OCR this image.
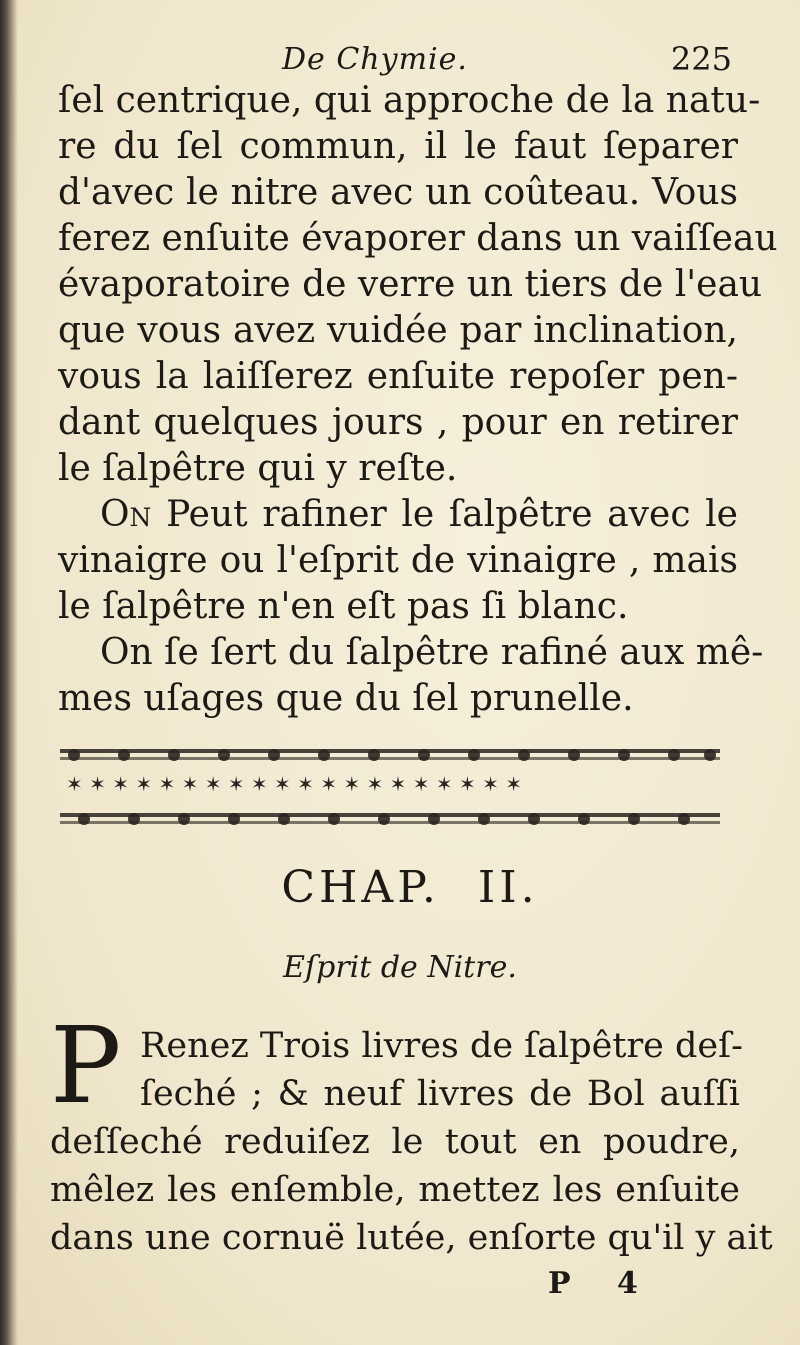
De Chymie.	225
ſel centrique, qui approche de la natu-
re du ſel commun, il le faut ſeparer
d'avec le nitre avec un coûteau. Vous
ferez enſuite évaporer dans un vaiſſeau
évaporatoire de verre un tiers de l'eau
que vous avez vuidée par inclination,
vous la laiſſerez enſuite repoſer pen-
dant quelques jours , pour en retirer
le ſalpêtre qui y reſte.
On Peut rafiner le ſalpêtre avec le
vinaigre ou l'eſprit de vinaigre , mais
le ſalpêtre n'en eſt pas ſi blanc.
On ſe ſert du ſalpêtre rafiné aux mê-
mes uſages que du ſel prunelle.
✶ ✶ ✶ ✶ ✶ ✶ ✶ ✶ ✶ ✶ ✶ ✶ ✶ ✶ ✶ ✶ ✶ ✶ ✶ ✶
CHAP. II.
Eſprit de Nitre.
P Renez Trois livres de ſalpêtre deſ-
ſeché ; & neuf livres de Bol auſſi
deſſeché reduiſez le tout en poudre,
mêlez les enſemble, mettez les enſuite
dans une cornuë lutée, enſorte qu'il y ait
P 4
